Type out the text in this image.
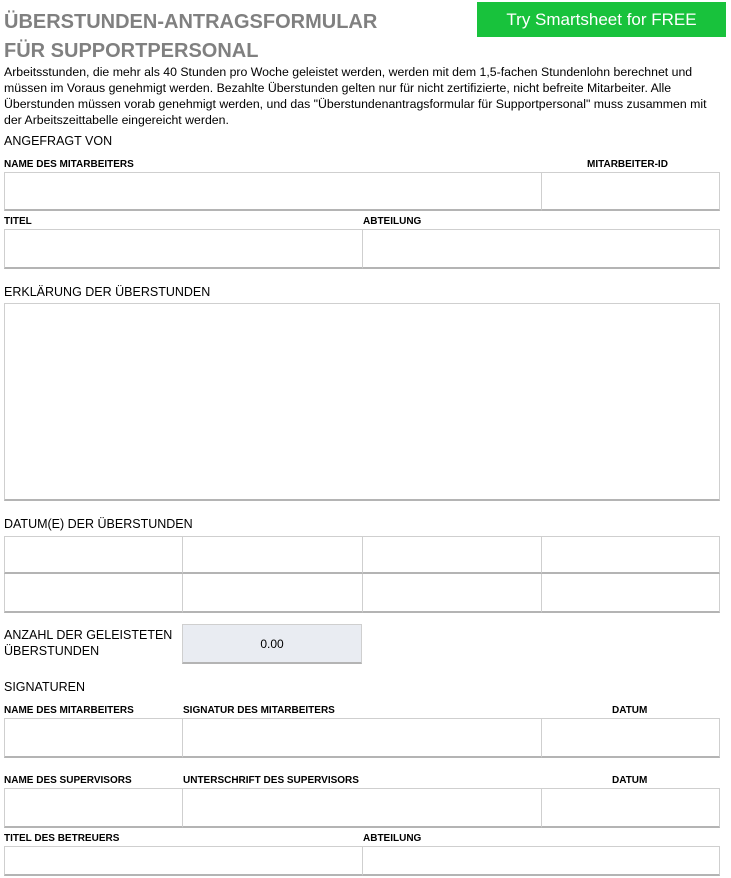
ÜBERSTUNDEN-ANTRAGSFORMULAR
FÜR SUPPORTPERSONAL
Try Smartsheet for FREE
Arbeitsstunden, die mehr als 40 Stunden pro Woche geleistet werden, werden mit dem 1,5-fachen Stundenlohn berechnet und
müssen im Voraus genehmigt werden. Bezahlte Überstunden gelten nur für nicht zertifizierte, nicht befreite Mitarbeiter. Alle
Überstunden müssen vorab genehmigt werden, und das "Überstundenantragsformular für Supportpersonal" muss zusammen mit
der Arbeitszeittabelle eingereicht werden.
ANGEFRAGT VON
NAME DES MITARBEITERS	MITARBEITER-ID
TITEL	ABTEILUNG
ERKLÄRUNG DER ÜBERSTUNDEN
DATUM(E) DER ÜBERSTUNDEN
ANZAHL DER GELEISTETEN
ÜBERSTUNDEN
0.00
SIGNATUREN
NAME DES MITARBEITERS	SIGNATUR DES MITARBEITERS	DATUM
NAME DES SUPERVISORS	UNTERSCHRIFT DES SUPERVISORS	DATUM
TITEL DES BETREUERS	ABTEILUNG
